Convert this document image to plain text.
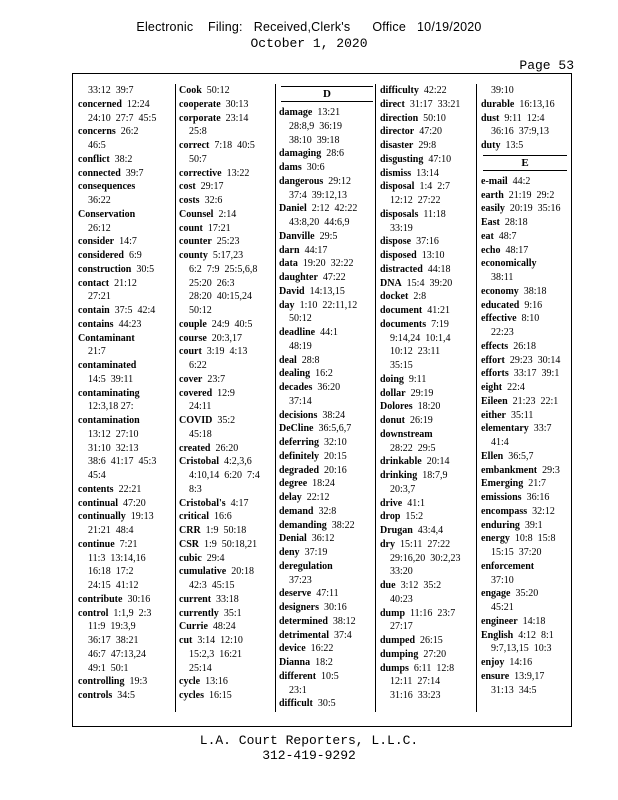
Electronic    Filing:   Received,Clerk's      Office   10/19/2020
October 1, 2020
Page 53
33:12  39:7
concerned  12:24
24:10  27:7  45:5
concerns  26:2
46:5
conflict  38:2
connected  39:7
consequences
36:22
Conservation
26:12
consider  14:7
considered  6:9
construction  30:5
contact  21:12
27:21
contain  37:5  42:4
contains  44:23
Contaminant
21:7
contaminated
14:5  39:11
contaminating
12:3,18 27:
contamination
13:12  27:10
31:10  32:13
38:6  41:17  45:3
45:4
contents  22:21
continual  47:20
continually  19:13
21:21  48:4
continue  7:21
11:3  13:14,16
16:18  17:2
24:15  41:12
contribute  30:16
control  1:1,9  2:3
11:9  19:3,9
36:17  38:21
46:7  47:13,24
49:1  50:1
controlling  19:3
controls  34:5
Cook  50:12
cooperate  30:13
corporate  23:14
25:8
correct  7:18  40:5
50:7
corrective  13:22
cost  29:17
costs  32:6
Counsel  2:14
count  17:21
counter  25:23
county  5:17,23
6:2  7:9  25:5,6,8
25:20  26:3
28:20  40:15,24
50:12
couple  24:9  40:5
course  20:3,17
court  3:19  4:13
6:22
cover  23:7
covered  12:9
24:11
COVID  35:2
45:18
created  26:20
Cristobal  4:2,3,6
4:10,14  6:20  7:4
8:3
Cristobal's  4:17
critical  16:6
CRR  1:9  50:18
CSR  1:9  50:18,21
cubic  29:4
cumulative  20:18
42:3  45:15
current  33:18
currently  35:1
Currie  48:24
cut  3:14  12:10
15:2,3  16:21
25:14
cycle  13:16
cycles  16:15
D
damage  13:21
28:8,9  36:19
38:10  39:18
damaging  28:6
dams  30:6
dangerous  29:12
37:4  39:12,13
Daniel  2:12  42:22
43:8,20  44:6,9
Danville  29:5
darn  44:17
data  19:20  32:22
daughter  47:22
David  14:13,15
day  1:10  22:11,12
50:12
deadline  44:1
48:19
deal  28:8
dealing  16:2
decades  36:20
37:14
decisions  38:24
DeCline  36:5,6,7
deferring  32:10
definitely  20:15
degraded  20:16
degree  18:24
delay  22:12
demand  32:8
demanding  38:22
Denial  36:12
deny  37:19
deregulation
37:23
deserve  47:11
designers  30:16
determined  38:12
detrimental  37:4
device  16:22
Dianna  18:2
different  10:5
23:1
difficult  30:5
difficulty  42:22
direct  31:17  33:21
direction  50:10
director  47:20
disaster  29:8
disgusting  47:10
dismiss  13:14
disposal  1:4  2:7
12:12  27:22
disposals  11:18
33:19
dispose  37:16
disposed  13:10
distracted  44:18
DNA  15:4  39:20
docket  2:8
document  41:21
documents  7:19
9:14,24  10:1,4
10:12  23:11
35:15
doing  9:11
dollar  29:19
Dolores  18:20
donut  26:19
downstream
28:22  29:5
drinkable  20:14
drinking  18:7,9
20:3,7
drive  41:1
drop  15:2
Drugan  43:4,4
dry  15:11  27:22
29:16,20  30:2,23
33:20
due  3:12  35:2
40:23
dump  11:16  23:7
27:17
dumped  26:15
dumping  27:20
dumps  6:11  12:8
12:11  27:14
31:16  33:23
39:10
durable  16:13,16
dust  9:11  12:4
36:16  37:9,13
duty  13:5
E
e-mail  44:2
earth  21:19  29:2
easily  20:19  35:16
East  28:18
eat  48:7
echo  48:17
economically
38:11
economy  38:18
educated  9:16
effective  8:10
22:23
effects  26:18
effort  29:23  30:14
efforts  33:17  39:1
eight  22:4
Eileen  21:23  22:1
either  35:11
elementary  33:7
41:4
Ellen  36:5,7
embankment  29:3
Emerging  21:7
emissions  36:16
encompass  32:12
enduring  39:1
energy  10:8  15:8
15:15  37:20
enforcement
37:10
engage  35:20
45:21
engineer  14:18
English  4:12  8:1
9:7,13,15  10:3
enjoy  14:16
ensure  13:9,17
31:13  34:5
L.A. Court Reporters, L.L.C.
312-419-9292
